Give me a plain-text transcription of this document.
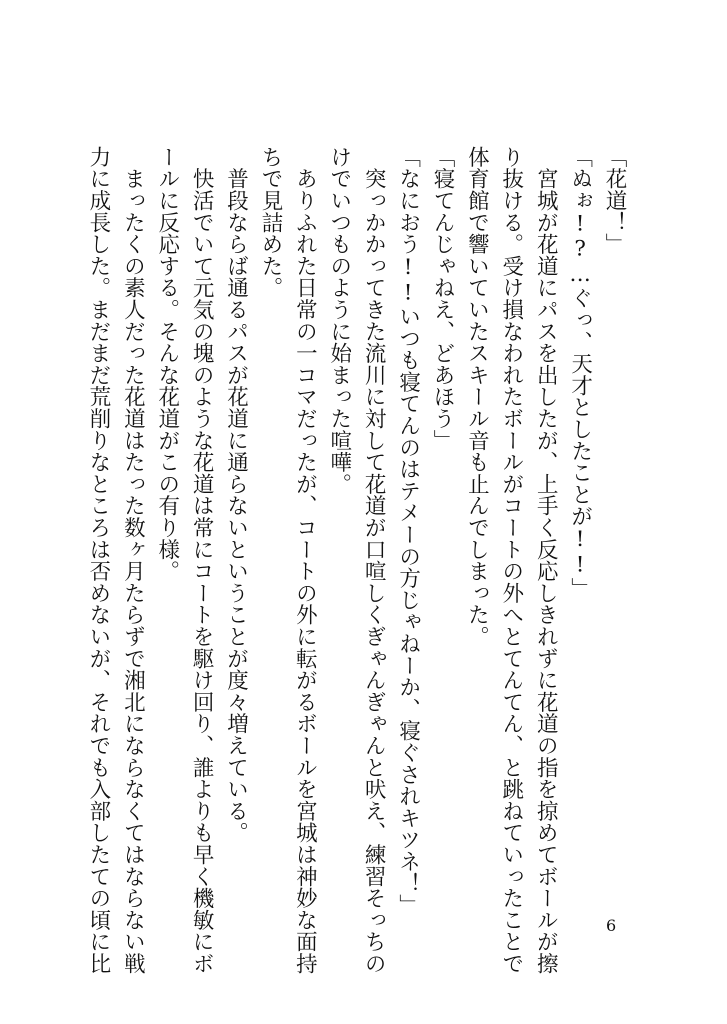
「花道！」
「ぬぉ!?…ぐっ、天才としたことが!!」
　宮城が花道にパスを出したが、上手く反応しきれずに花道の指を掠めてボールが擦
り抜ける。受け損なわれたボールがコートの外へとてんてん、と跳ねていったことで
体育館で響いていたスキール音も止んでしまった。
「寝てんじゃねえ、どあほう」
「なにおう!!いつも寝てんのはテメーの方じゃねーか、寝ぐされキツネ！」
　突っかかってきた流川に対して花道が口喧しくぎゃんぎゃんと吠え、練習そっちの
けでいつものように始まった喧嘩。
　ありふれた日常の一コマだったが、コートの外に転がるボールを宮城は神妙な面持
ちで見詰めた。
　普段ならば通るパスが花道に通らないということが度々増えている。
　快活でいて元気の塊のような花道は常にコートを駆け回り、誰よりも早く機敏にボ
ールに反応する。そんな花道がこの有り様。
　まったくの素人だった花道はたった数ヶ月たらずで湘北にならなくてはならない戦
力に成長した。まだまだ荒削りなところは否めないが、それでも入部したての頃に比	6
